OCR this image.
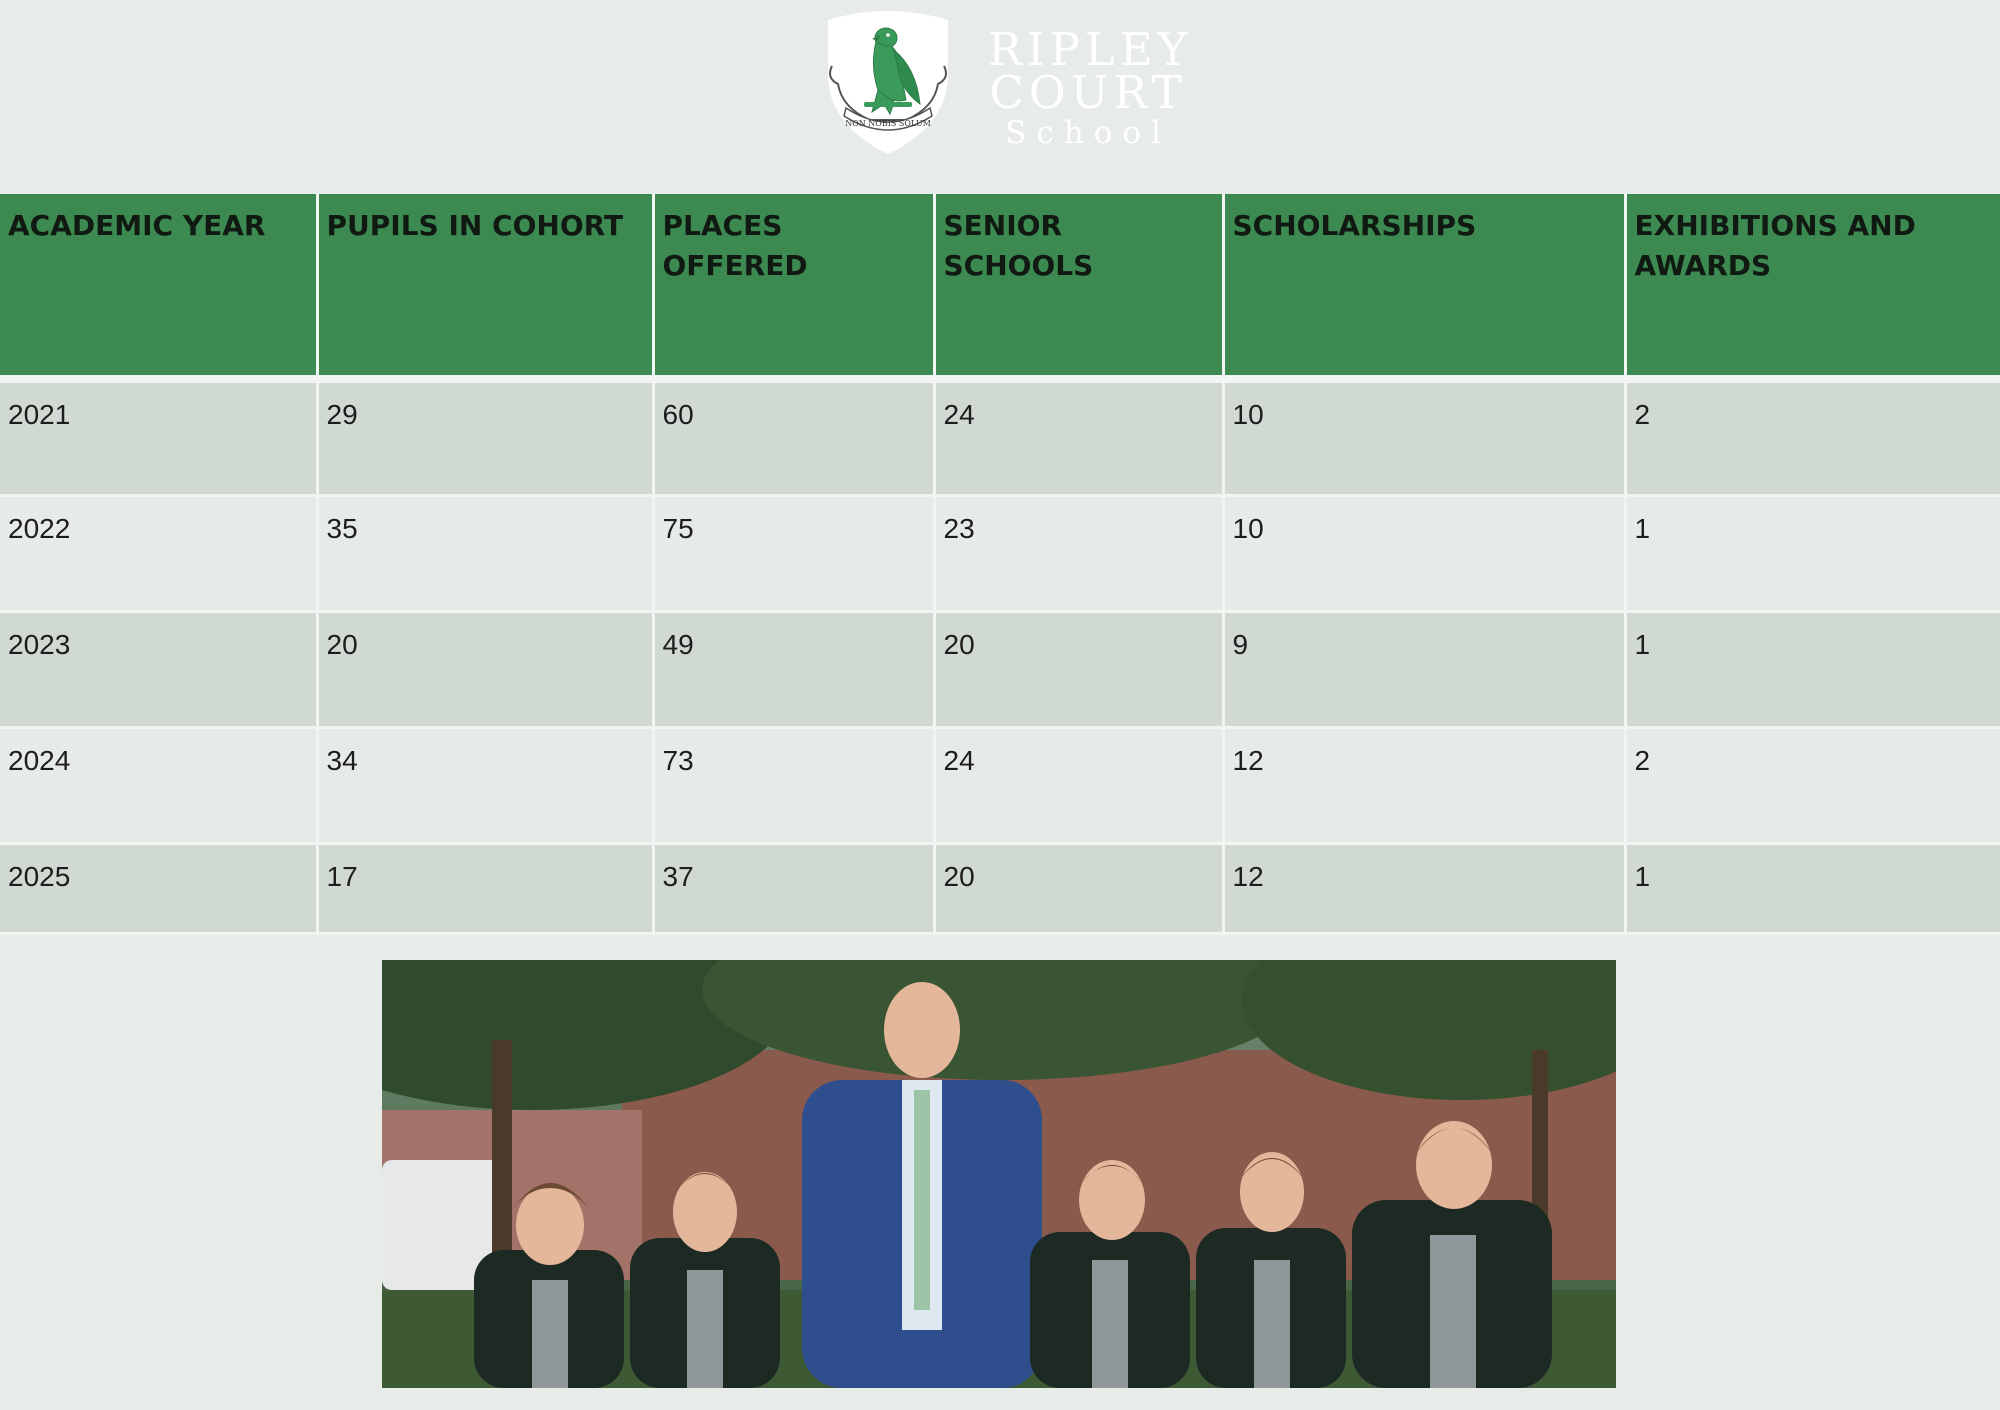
NON NOBIS SOLUM
RIPLEY
COURT
School
ACADEMIC YEAR	PUPILS IN COHORT	PLACES OFFERED	SENIOR SCHOOLS	SCHOLARSHIPS	EXHIBITIONS AND AWARDS
2021	29	60	24	10	2
2022	35	75	23	10	1
2023	20	49	20	9	1
2024	34	73	24	12	2
2025	17	37	20	12	1
